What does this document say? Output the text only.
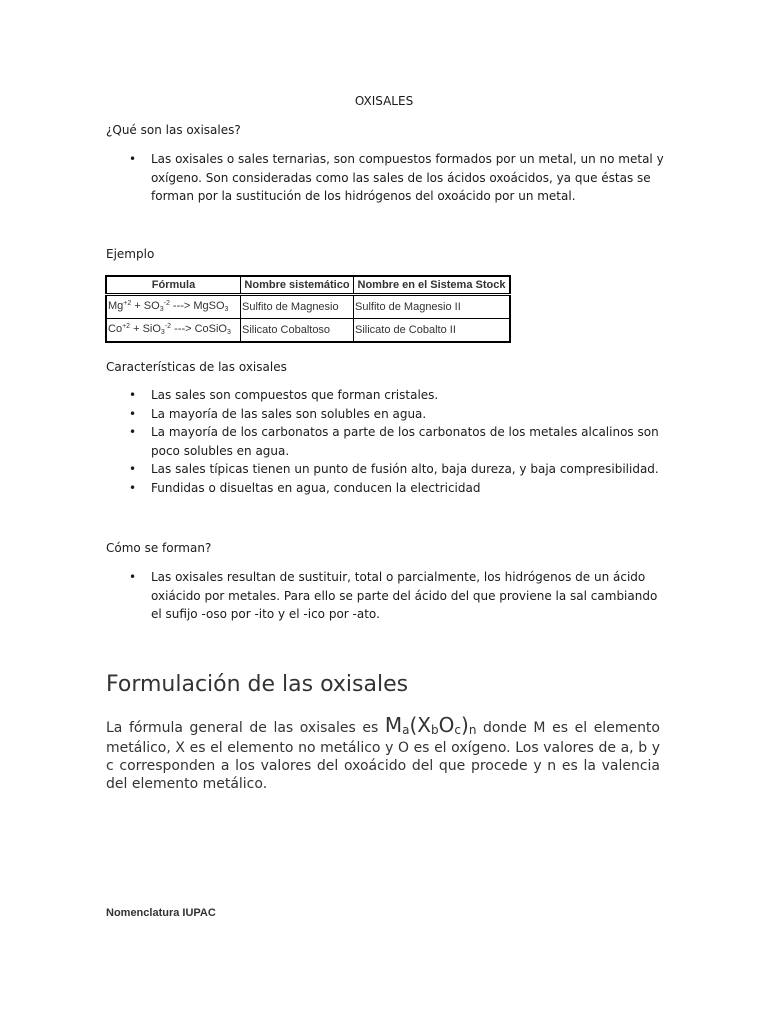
OXISALES
¿Qué son las oxisales?
• Las oxisales o sales ternarias, son compuestos formados por un metal, un no metal y oxígeno. Son consideradas como las sales de los ácidos oxoácidos, ya que éstas se forman por la sustitución de los hidrógenos del oxoácido por un metal.
Ejemplo
Fórmula	Nombre sistemático	Nombre en el Sistema Stock
$Mg^{+2} + SO_3^{-2}$ ---> MgSO$_3$	Sulfito de Magnesio	Sulfito de Magnesio II
$Co^{+2} + SiO_3^{-2}$ ---> CoSiO$_3$	Silicato Cobaltoso	Silicato de Cobalto II
Características de las oxisales
• Las sales son compuestos que forman cristales.
• La mayoría de las sales son solubles en agua.
• La mayoría de los carbonatos a parte de los carbonatos de los metales alcalinos son poco solubles en agua.
• Las sales típicas tienen un punto de fusión alto, baja dureza, y baja compresibilidad.
• Fundidas o disueltas en agua, conducen la electricidad
Cómo se forman?
• Las oxisales resultan de sustituir, total o parcialmente, los hidrógenos de un ácido oxiácido por metales. Para ello se parte del ácido del que proviene la sal cambiando el sufijo -oso por -ito y el -ico por -ato.
Formulación de las oxisales
La fórmula general de las oxisales es $M_a(X_bO_c)_n$ donde M es el elemento metálico, X es el elemento no metálico y O es el oxígeno. Los valores de a, b y c corresponden a los valores del oxoácido del que procede y n es la valencia del elemento metálico.
Nomenclatura IUPAC
